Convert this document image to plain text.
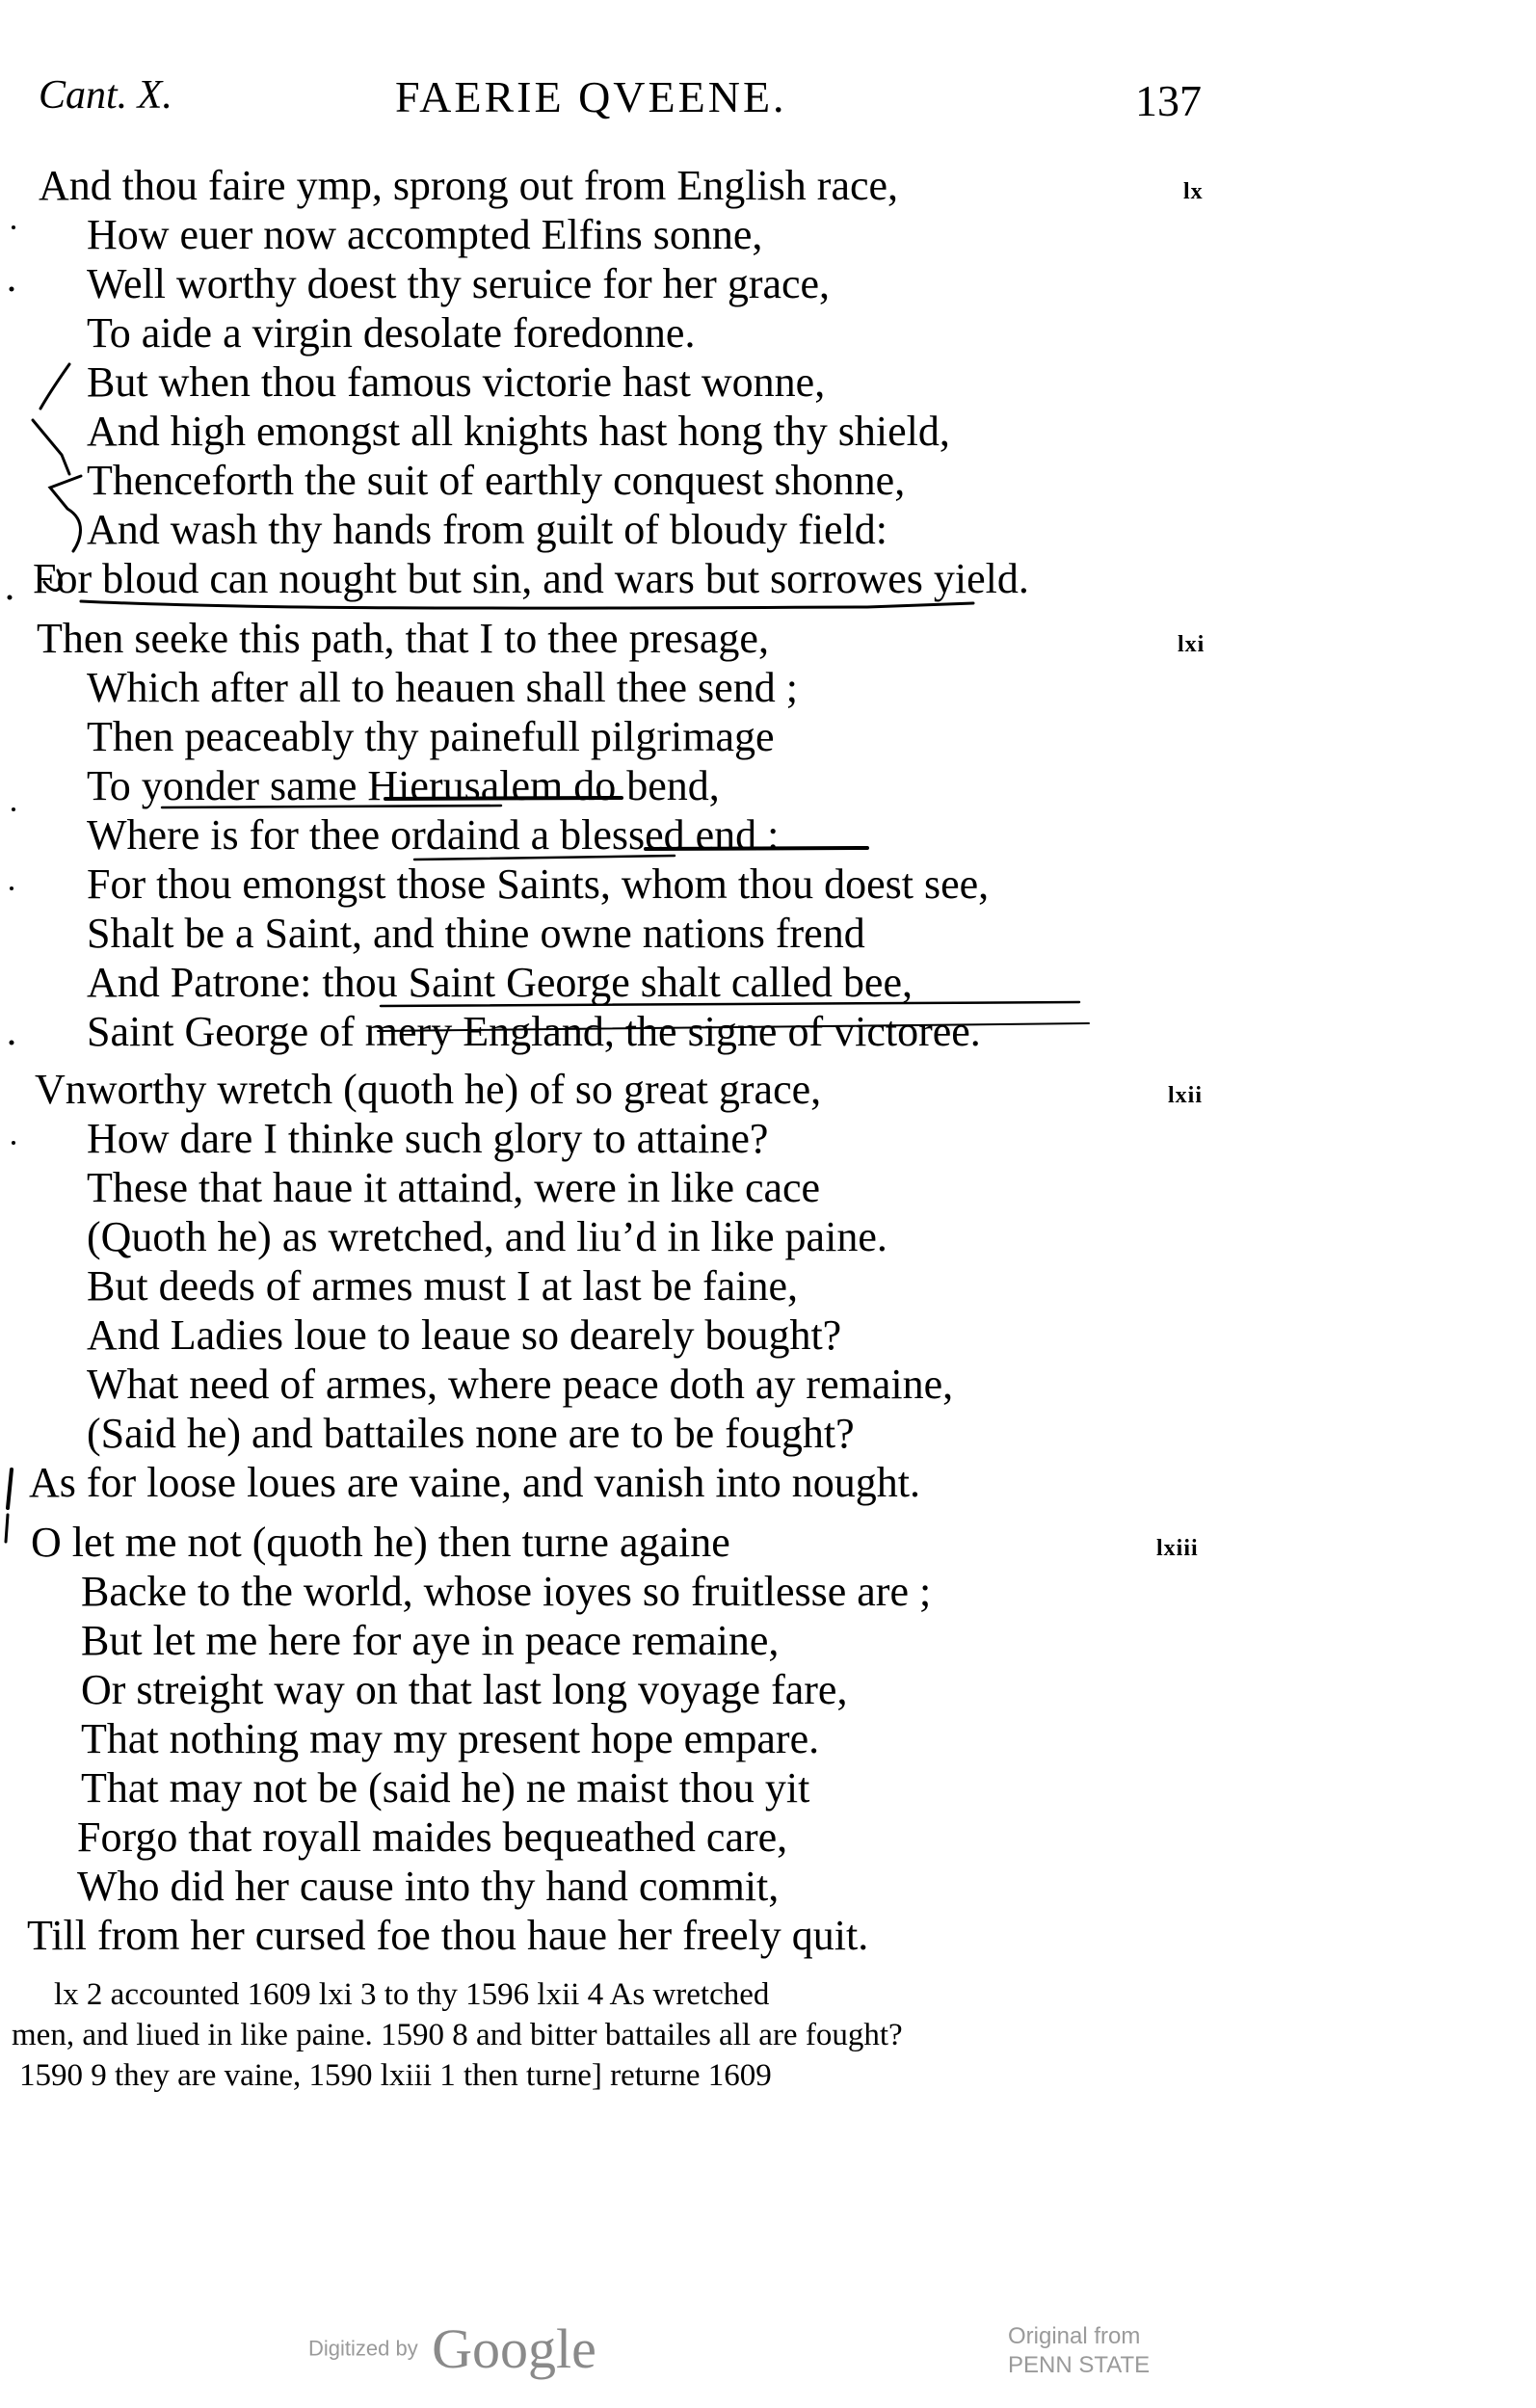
Cant. X.	FAERIE QVEENE.	137
lx
And thou faire ymp, sprong out from English race,
How euer now accompted Elfins sonne,
Well worthy doest thy seruice for her grace,
To aide a virgin desolate foredonne.
But when thou famous victorie hast wonne,
And high emongst all knights hast hong thy shield,
Thenceforth the suit of earthly conquest shonne,
And wash thy hands from guilt of bloudy field:
For bloud can nought but sin, and wars but sorrowes yield.
lxi
Then seeke this path, that I to thee presage,
Which after all to heauen shall thee send ;
Then peaceably thy painefull pilgrimage
To yonder same Hierusalem do bend,
Where is for thee ordaind a blessed end :
For thou emongst those Saints, whom thou doest see,
Shalt be a Saint, and thine owne nations frend
And Patrone: thou Saint George shalt called bee,
Saint George of mery England, the signe of victoree.
lxii
Vnworthy wretch (quoth he) of so great grace,
How dare I thinke such glory to attaine?
These that haue it attaind, were in like cace
(Quoth he) as wretched, and liu’d in like paine.
But deeds of armes must I at last be faine,
And Ladies loue to leaue so dearely bought?
What need of armes, where peace doth ay remaine,
(Said he) and battailes none are to be fought?
As for loose loues are vaine, and vanish into nought.
lxiii
O let me not (quoth he) then turne againe
Backe to the world, whose ioyes so fruitlesse are ;
But let me here for aye in peace remaine,
Or streight way on that last long voyage fare,
That nothing may my present hope empare.
That may not be (said he) ne maist thou yit
Forgo that royall maides bequeathed care,
Who did her cause into thy hand commit,
Till from her cursed foe thou haue her freely quit.
lx 2 accounted 1609 lxi 3 to thy 1596 lxii 4 As wretched
men, and liued in like paine. 1590 8 and bitter battailes all are fought?
1590 9 they are vaine, 1590 lxiii 1 then turne] returne 1609
Digitized by Google	Original from
PENN STATE
